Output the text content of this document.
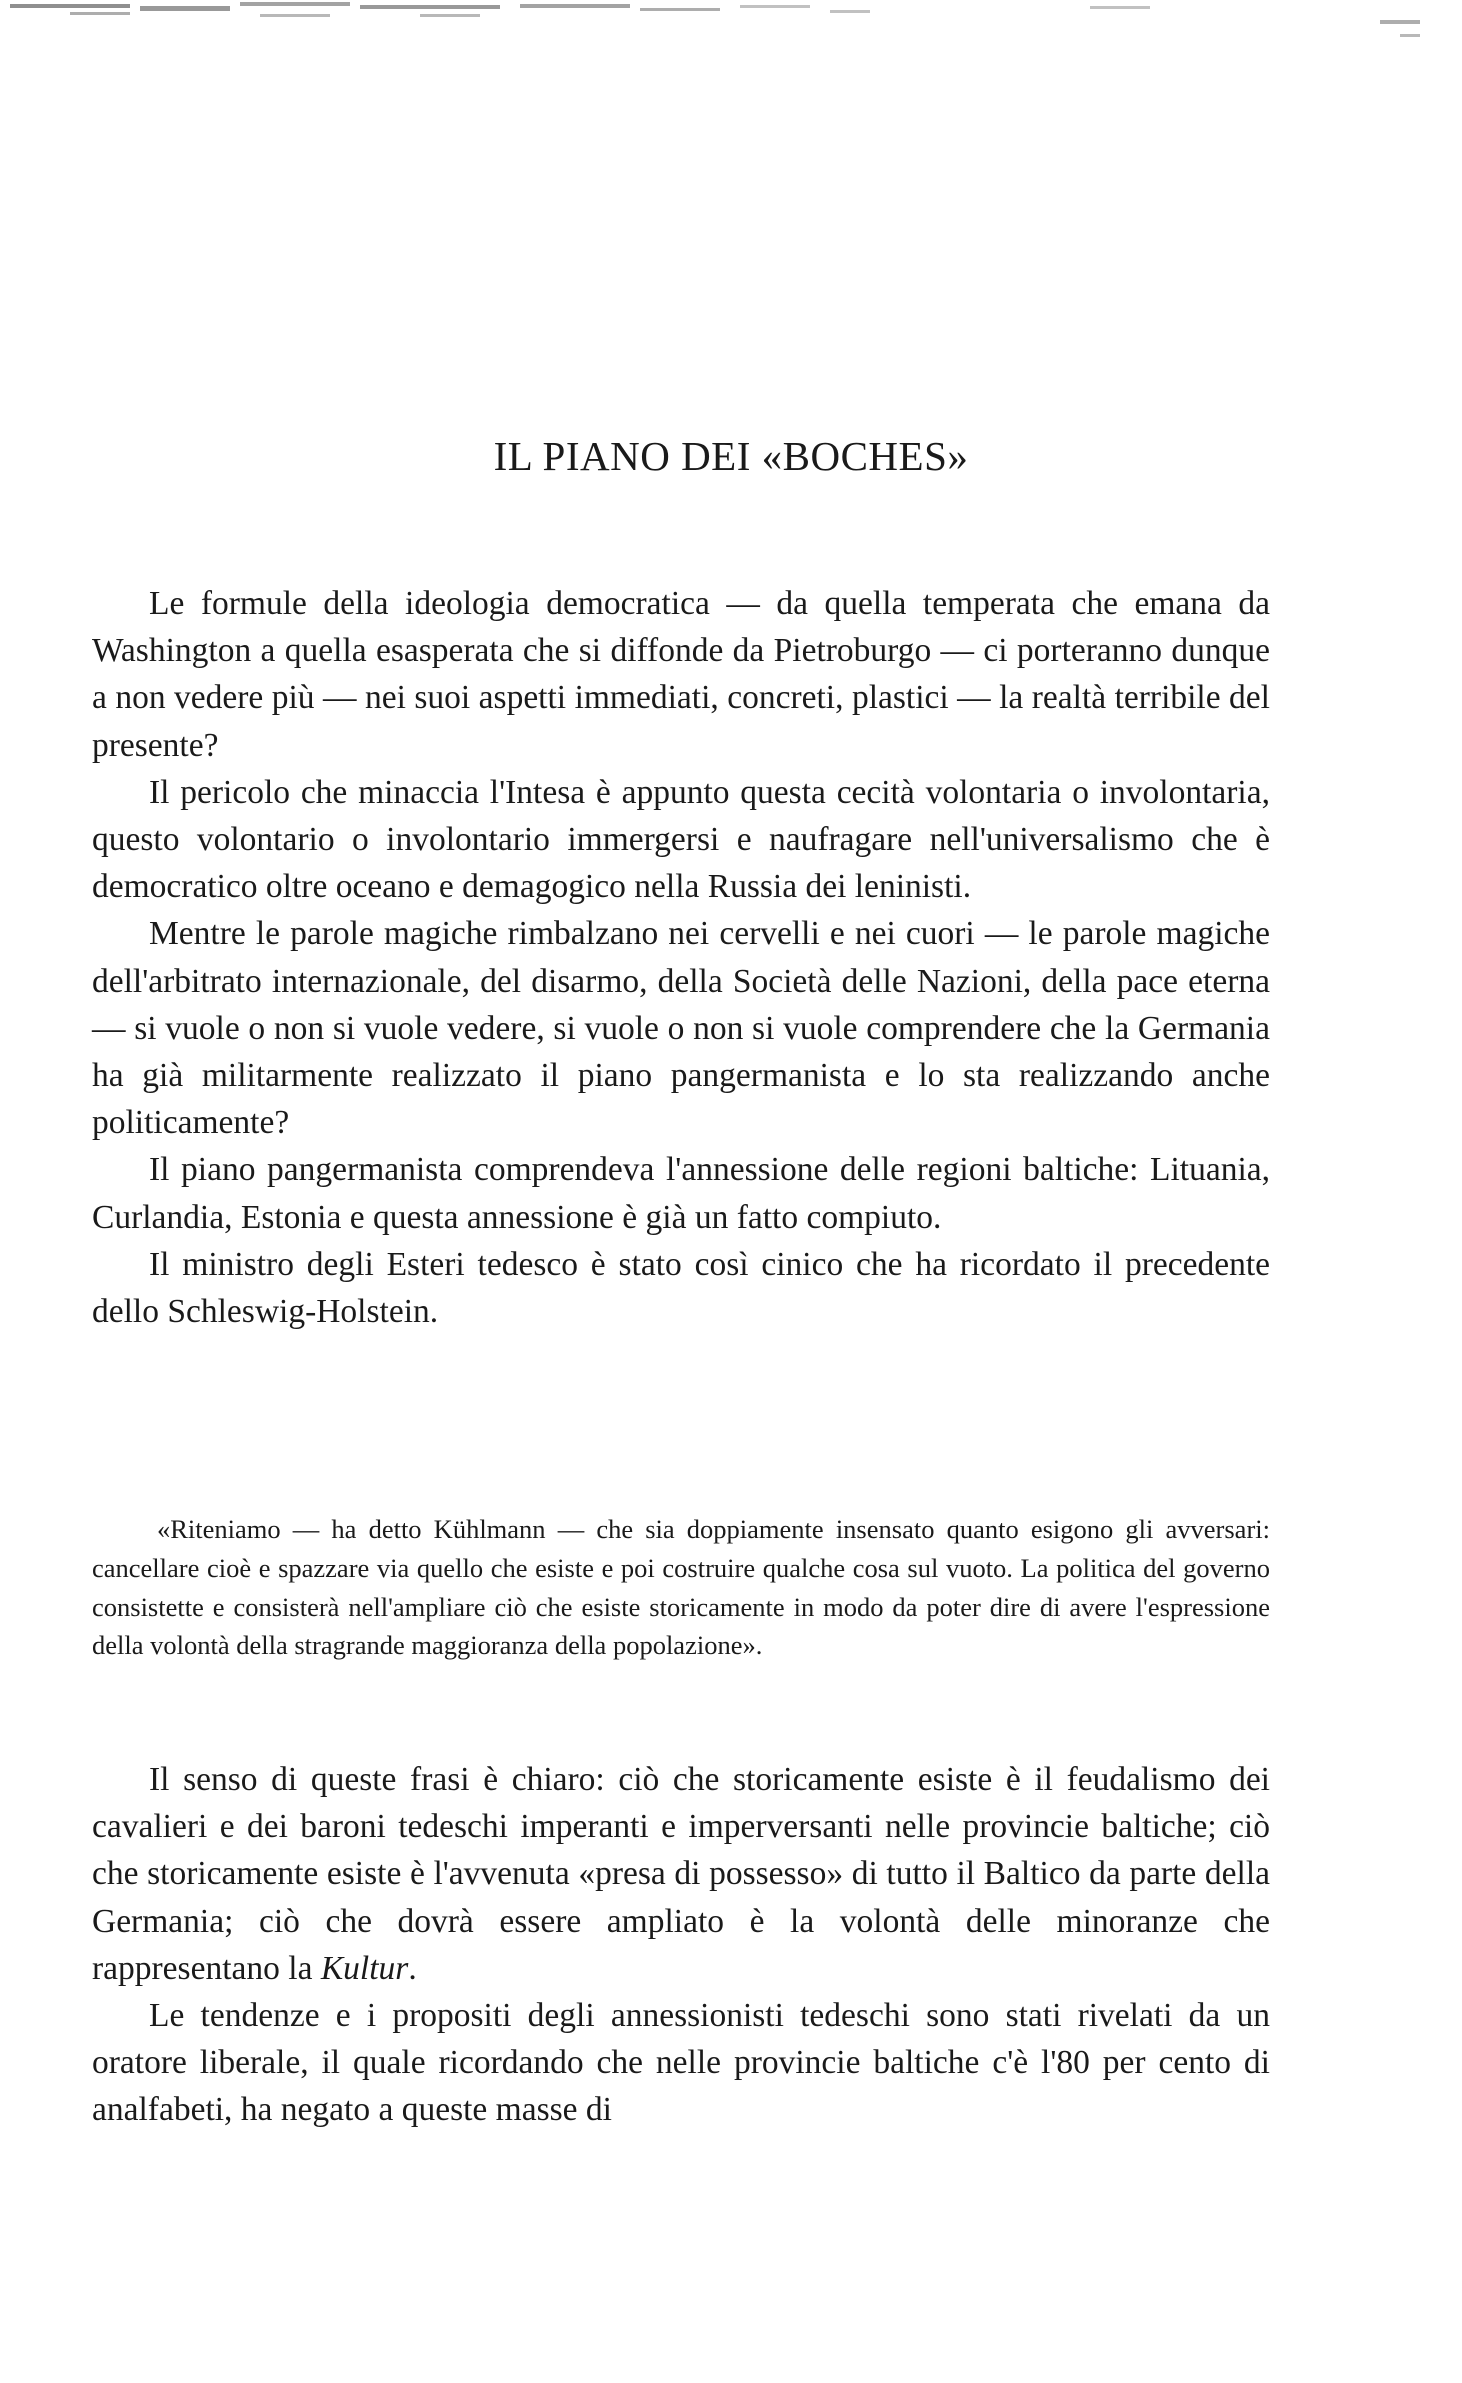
IL PIANO DEI «BOCHES»

Le formule della ideologia democratica — da quella temperata che emana da Washington a quella esasperata che si diffonde da Pietroburgo — ci porteranno dunque a non vedere più — nei suoi aspetti immediati, concreti, plastici — la realtà terribile del presente?

Il pericolo che minaccia l'Intesa è appunto questa cecità volontaria o involontaria, questo volontario o involontario immergersi e naufragare nell'universalismo che è democratico oltre oceano e demagogico nella Russia dei leninisti.

Mentre le parole magiche rimbalzano nei cervelli e nei cuori — le parole magiche dell'arbitrato internazionale, del disarmo, della Società delle Nazioni, della pace eterna — si vuole o non si vuole vedere, si vuole o non si vuole comprendere che la Germania ha già militarmente realizzato il piano pangermanista e lo sta realizzando anche politicamente?

Il piano pangermanista comprendeva l'annessione delle regioni baltiche: Lituania, Curlandia, Estonia e questa annessione è già un fatto compiuto.

Il ministro degli Esteri tedesco è stato così cinico che ha ricordato il precedente dello Schleswig-Holstein.

«Riteniamo — ha detto Kühlmann — che sia doppiamente insensato quanto esigono gli avversari: cancellare cioè e spazzare via quello che esiste e poi costruire qualche cosa sul vuoto. La politica del governo consistette e consisterà nell'ampliare ciò che esiste storicamente in modo da poter dire di avere l'espressione della volontà della stragrande maggioranza della popolazione».

Il senso di queste frasi è chiaro: ciò che storicamente esiste è il feudalismo dei cavalieri e dei baroni tedeschi imperanti e imperversanti nelle provincie baltiche; ciò che storicamente esiste è l'avvenuta «presa di possesso» di tutto il Baltico da parte della Germania; ciò che dovrà essere ampliato è la volontà delle minoranze che rappresentano la Kultur.

Le tendenze e i propositi degli annessionisti tedeschi sono stati rivelati da un oratore liberale, il quale ricordando che nelle provincie baltiche c'è l'80 per cento di analfabeti, ha negato a queste masse di
